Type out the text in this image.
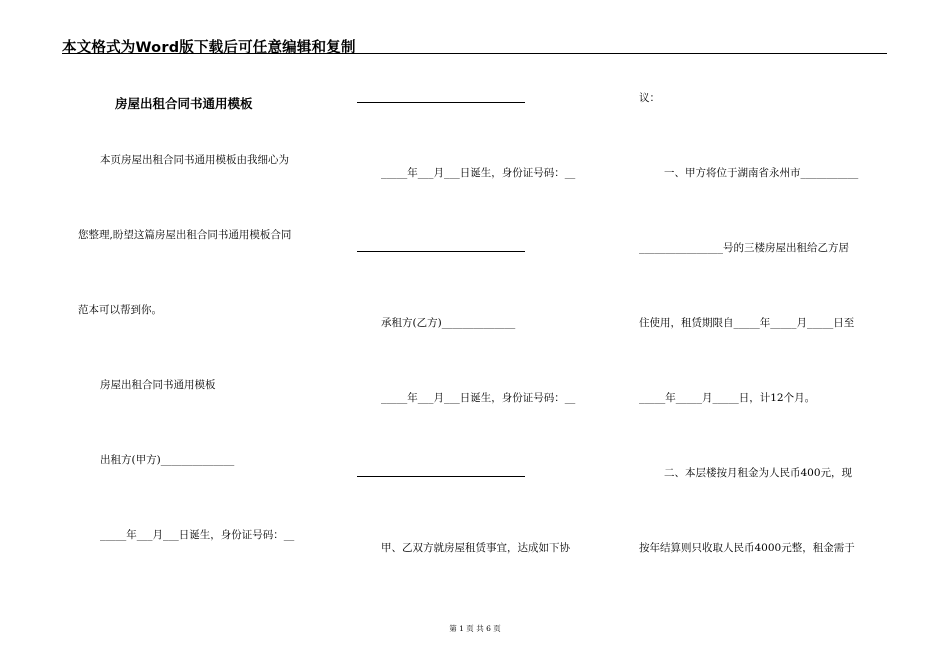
本文格式为Word版下载后可任意编辑和复制
房屋出租合同书通用模板
本页房屋出租合同书通用模板由我细心为
您整理,盼望这篇房屋出租合同书通用模板合同
范本可以帮到你。
房屋出租合同书通用模板
出租方(甲方)______________
_____年___月___日诞生，身份证号码：__
_____年___月___日诞生，身份证号码：__
承租方(乙方)______________
_____年___月___日诞生，身份证号码：__
甲、乙双方就房屋租赁事宜，达成如下协
议：
一、甲方将位于湖南省永州市___________
________________号的三楼房屋出租给乙方居
住使用，租赁期限自_____年_____月_____日至
_____年_____月_____日，计12个月。
二、本层楼按月租金为人民币400元，现
按年结算则只收取人民币4000元整，租金需于
第 1 页 共 6 页
